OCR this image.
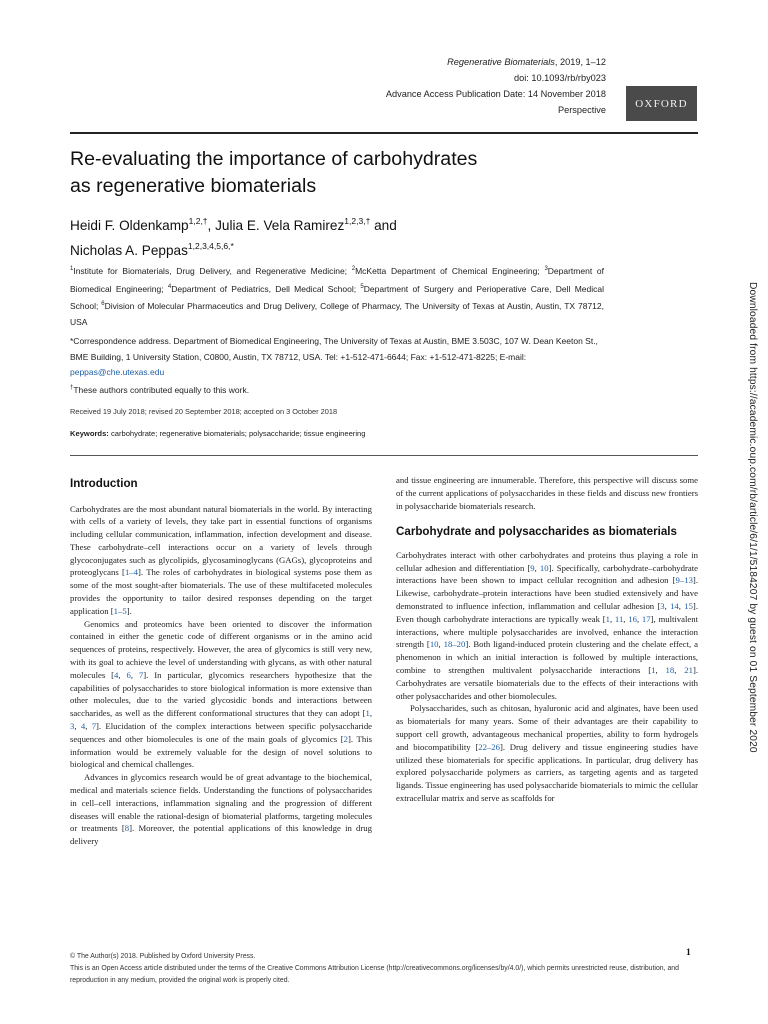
Regenerative Biomaterials, 2019, 1–12
doi: 10.1093/rb/rby023
Advance Access Publication Date: 14 November 2018
Perspective
OXFORD
Re-evaluating the importance of carbohydrates
as regenerative biomaterials
Heidi F. Oldenkamp$^{1,2,\dagger}$, Julia E. Vela Ramirez$^{1,2,3,\dagger}$ and
Nicholas A. Peppas$^{1,2,3,4,5,6,*}$
$^1$Institute for Biomaterials, Drug Delivery, and Regenerative Medicine; $^2$McKetta Department of Chemical Engineering; $^3$Department of Biomedical Engineering; $^4$Department of Pediatrics, Dell Medical School; $^5$Department of Surgery and Perioperative Care, Dell Medical School; $^6$Division of Molecular Pharmaceutics and Drug Delivery, College of Pharmacy, The University of Texas at Austin, Austin, TX 78712, USA
*Correspondence address. Department of Biomedical Engineering, The University of Texas at Austin, BME 3.503C, 107 W. Dean Keeton St., BME Building, 1 University Station, C0800, Austin, TX 78712, USA. Tel: +1-512-471-6644; Fax: +1-512-471-8225; E-mail: peppas@che.utexas.edu
†These authors contributed equally to this work.
Received 19 July 2018; revised 20 September 2018; accepted on 3 October 2018
Keywords: carbohydrate; regenerative biomaterials; polysaccharide; tissue engineering
Introduction

Carbohydrates are the most abundant natural biomaterials in the world. By interacting with cells of a variety of levels, they take part in essential functions of organisms including cellular communication, inflammation, infection development and disease. These carbohydrate–cell interactions occur on a variety of levels through glycoconjugates such as glycolipids, glycosaminoglycans (GAGs), glycoproteins and proteoglycans [1–4]. The roles of carbohydrates in biological systems pose them as some of the most sought-after biomaterials. The use of these multifaceted molecules provides the opportunity to tailor desired responses depending on the target application [1–5].

Genomics and proteomics have been oriented to discover the information contained in either the genetic code of different organisms or in the amino acid sequences of proteins, respectively. However, the area of glycomics is still very new, with its goal to achieve the level of understanding with glycans, as with other natural molecules [4, 6, 7]. In particular, glycomics researchers hypothesize that the capabilities of polysaccharides to store biological information is more extensive than other molecules, due to the varied glycosidic bonds and interactions between saccharides, as well as the different conformational structures that they can adopt [1, 3, 4, 7]. Elucidation of the complex interactions between specific polysaccharide sequences and other biomolecules is one of the main goals of glycomics [2]. This information would be extremely valuable for the design of novel solutions to biological and chemical challenges.

Advances in glycomics research would be of great advantage to the biochemical, medical and materials science fields. Understanding the functions of polysaccharides in cell–cell interactions, inflammation signaling and the progression of different diseases will enable the rational-design of biomaterial platforms, targeting molecules or treatments [8]. Moreover, the potential applications of this knowledge in drug delivery

and tissue engineering are innumerable. Therefore, this perspective will discuss some of the current applications of polysaccharides in these fields and discuss new frontiers in polysaccharide biomaterials research.

Carbohydrate and polysaccharides as biomaterials

Carbohydrates interact with other carbohydrates and proteins thus playing a role in cellular adhesion and differentiation [9, 10]. Specifically, carbohydrate–carbohydrate interactions have been shown to impact cellular recognition and adhesion [9–13]. Likewise, carbohydrate–protein interactions have been studied extensively and have demonstrated to influence infection, inflammation and cellular adhesion [3, 14, 15]. Even though carbohydrate interactions are typically weak [1, 11, 16, 17], multivalent interactions, where multiple polysaccharides are involved, enhance the interaction strength [10, 18–20]. Both ligand-induced protein clustering and the chelate effect, a phenomenon in which an initial interaction is followed by multiple interactions, combine to strengthen multivalent polysaccharide interactions [1, 18, 21]. Carbohydrates are versatile biomaterials due to the effects of their interactions with other polysaccharides and other biomolecules.

Polysaccharides, such as chitosan, hyaluronic acid and alginates, have been used as biomaterials for many years. Some of their advantages are their capability to support cell growth, advantageous mechanical properties, ability to form hydrogels and biocompatibility [22–26]. Drug delivery and tissue engineering studies have utilized these biomaterials for specific applications. In particular, drug delivery has explored polysaccharide polymers as carriers, as targeting agents and as targeted ligands. Tissue engineering has used polysaccharide biomaterials to mimic the cellular extracellular matrix and serve as scaffolds for

© The Author(s) 2018. Published by Oxford University Press.
This is an Open Access article distributed under the terms of the Creative Commons Attribution License (http://creativecommons.org/licenses/by/4.0/), which permits unrestricted reuse, distribution, and reproduction in any medium, provided the original work is properly cited.
1
Downloaded from https://academic.oup.com/rb/article/6/1/1/5184207 by guest on 01 September 2020
